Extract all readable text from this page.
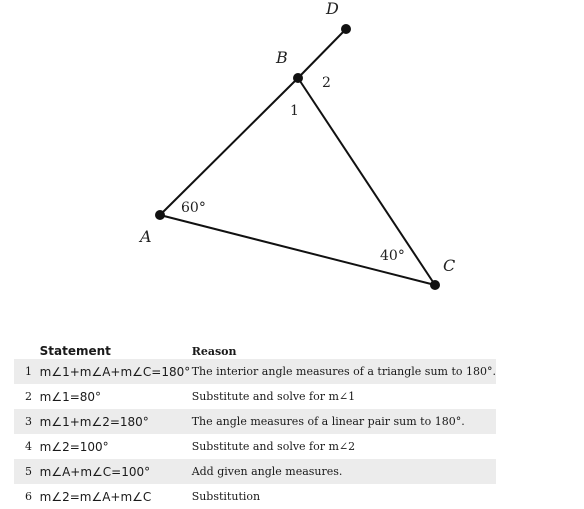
A
B
C
D
60°
40°
1
2
	Statement	Reason
1	m∠1+m∠A+m∠C=180°	The interior angle measures of a triangle sum to 180°.
2	m∠1=80°	Substitute and solve for m∠1
3	m∠1+m∠2=180°	The angle measures of a linear pair sum to 180°.
4	m∠2=100°	Substitute and solve for m∠2
5	m∠A+m∠C=100°	Add given angle measures.
6	m∠2=m∠A+m∠C	Substitution
